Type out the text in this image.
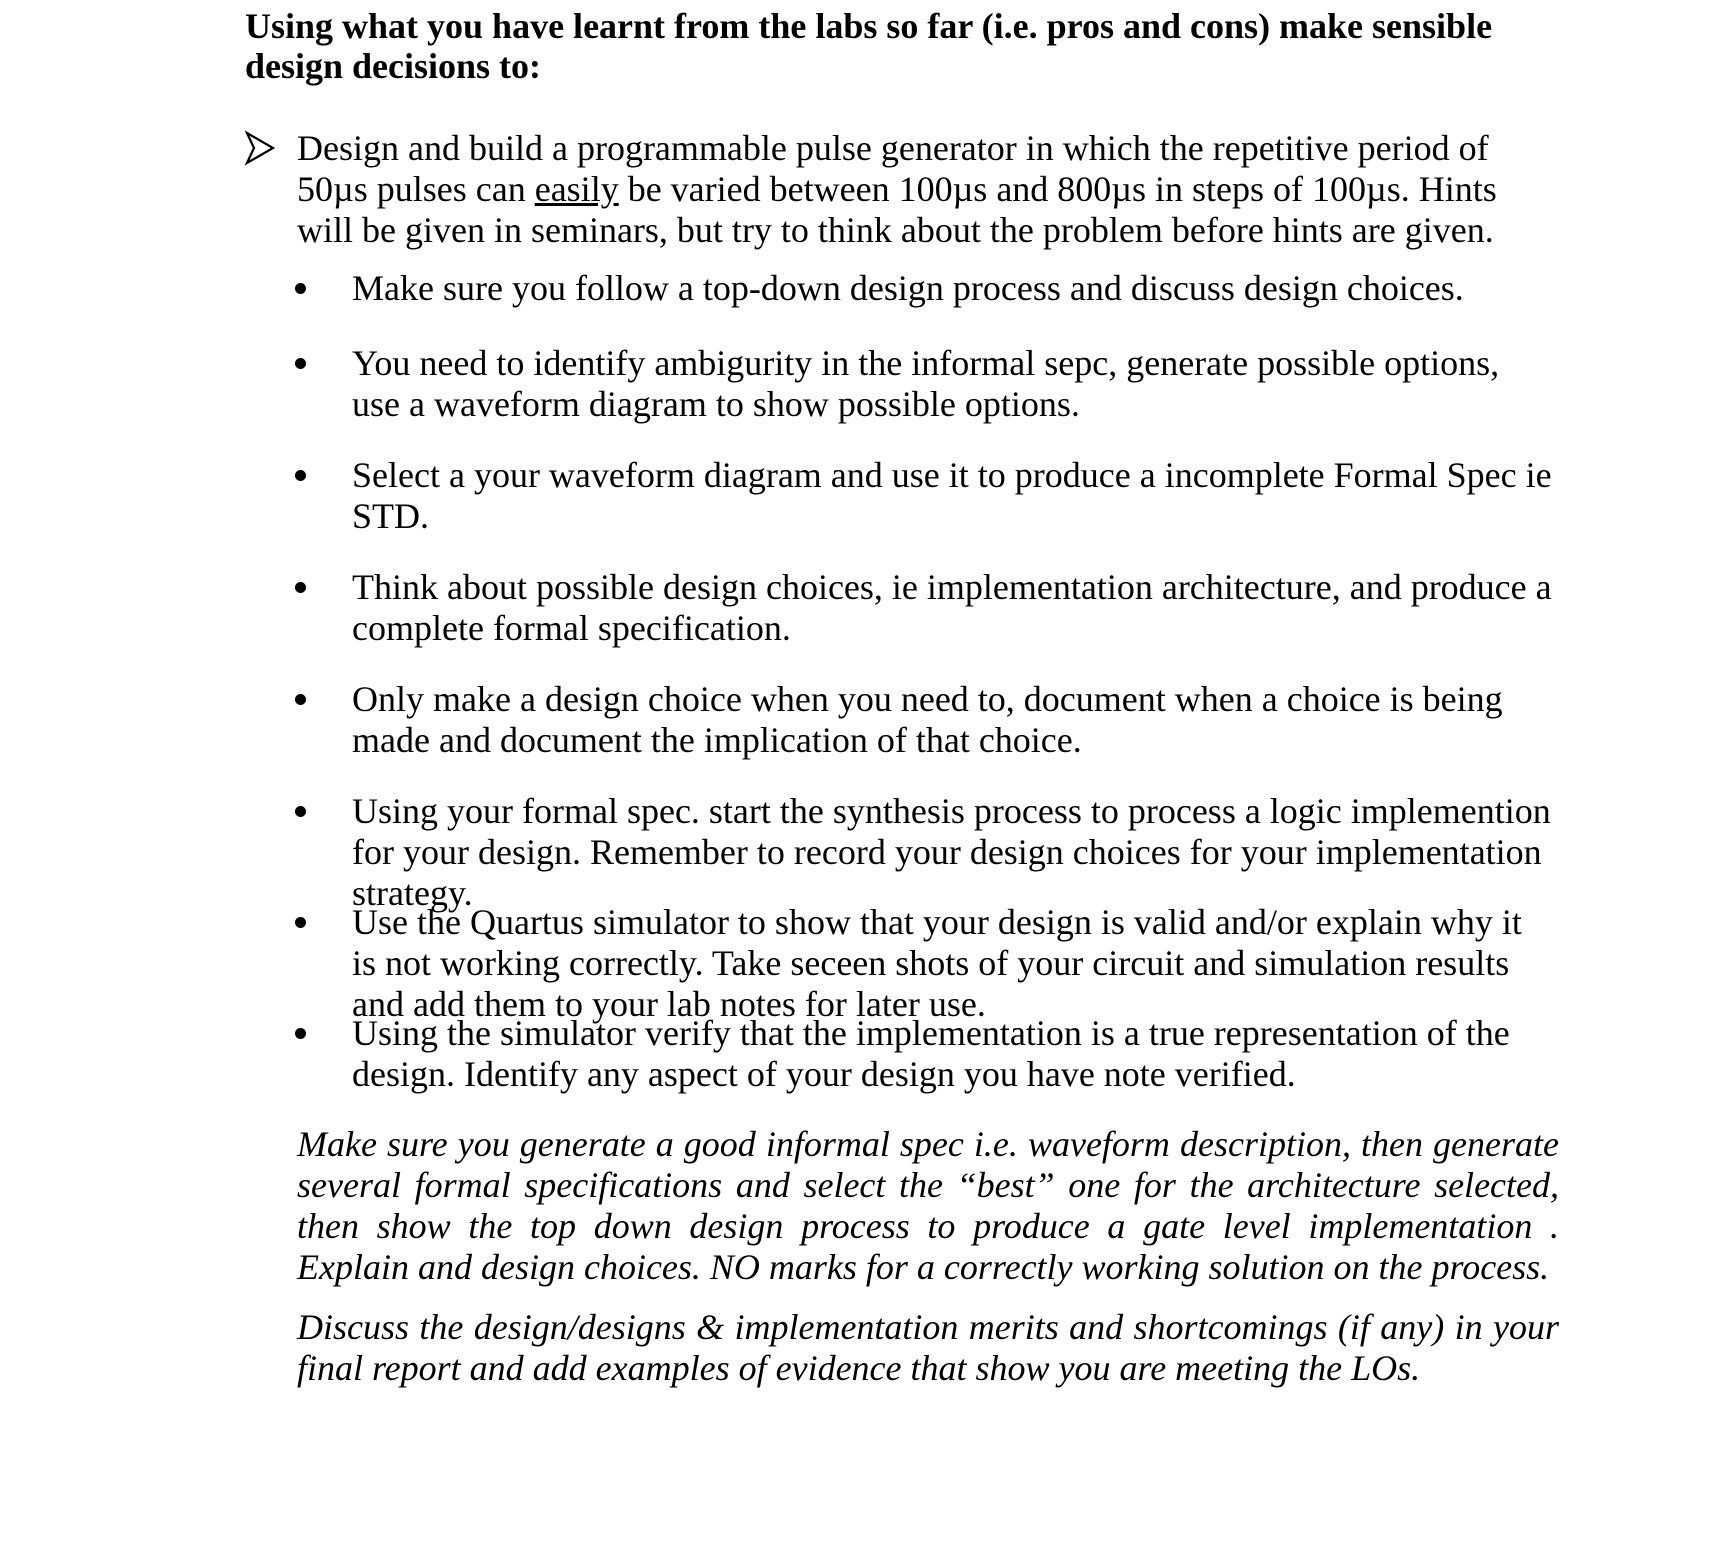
Using what you have learnt from the labs so far (i.e. pros and cons) make sensible design decisions to:
Design and build a programmable pulse generator in which the repetitive period of 50µs pulses can easily be varied between 100µs and 800µs in steps of 100µs. Hints will be given in seminars, but try to think about the problem before hints are given.
Make sure you follow a top-down design process and discuss design choices.
You need to identify ambigurity in the informal sepc, generate possible options, use a waveform diagram to show possible options.
Select a your waveform diagram and use it to produce a incomplete Formal Spec ie STD.
Think about possible design choices, ie implementation architecture, and produce a complete formal specification.
Only make a design choice when you need to, document when a choice is being made and document the implication of that choice.
Using your formal spec. start the synthesis process to process a logic implemention for your design. Remember to record your design choices for your implementation strategy.
Use the Quartus simulator to show that your design is valid and/or explain why it is not working correctly. Take seceen shots of your circuit and simulation results and add them to your lab notes for later use.
Using the simulator verify that the implementation is a true representation of the design. Identify any aspect of your design you have note verified.
Make sure you generate a good informal spec i.e. waveform description, then generate several formal specifications and select the “best” one for the architecture selected, then show the top down design process to produce a gate level implementation . Explain and design choices. NO marks for a correctly working solution on the process.
Discuss the design/designs & implementation merits and shortcomings (if any) in your final report and add examples of evidence that show you are meeting the LOs.
